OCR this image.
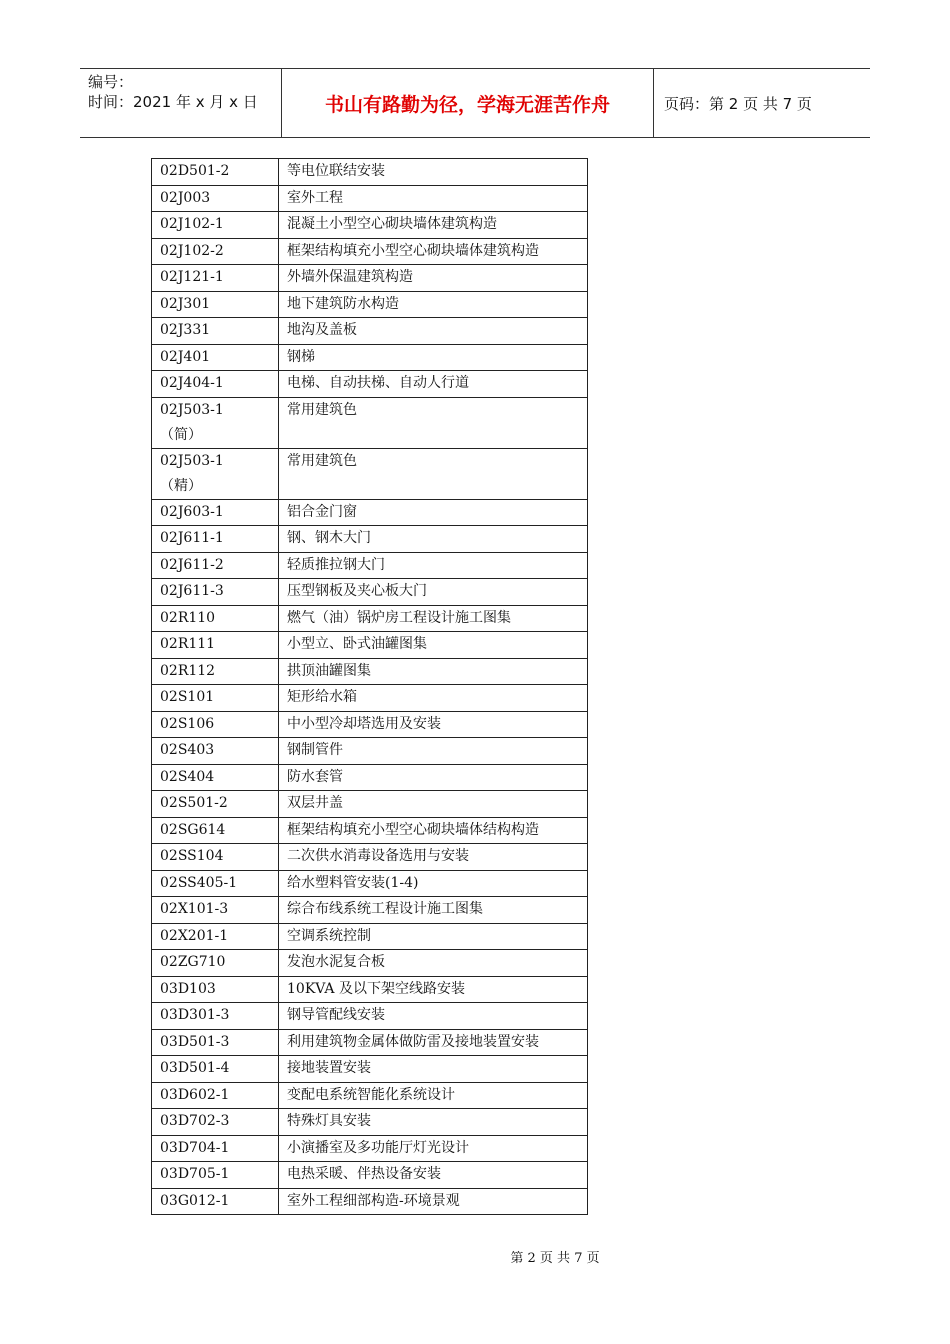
编号：
时间：2021 年 x 月 x 日	书山有路勤为径，学海无涯苦作舟	页码：第 2 页 共 7 页
02D501-2	等电位联结安装

02J003	室外工程

02J102-1	混凝土小型空心砌块墙体建筑构造

02J102-2	框架结构填充小型空心砌块墙体建筑构造

02J121-1	外墙外保温建筑构造

02J301	地下建筑防水构造

02J331	地沟及盖板

02J401	钢梯

02J404-1	电梯、自动扶梯、自动人行道

02J503-1
（简）	常用建筑色

02J503-1
（精）	常用建筑色

02J603-1	铝合金门窗

02J611-1	钢、钢木大门

02J611-2	轻质推拉钢大门

02J611-3	压型钢板及夹心板大门

02R110	燃气（油）锅炉房工程设计施工图集

02R111	小型立、卧式油罐图集

02R112	拱顶油罐图集

02S101	矩形给水箱

02S106	中小型冷却塔选用及安装

02S403	钢制管件

02S404	防水套管

02S501-2	双层井盖

02SG614	框架结构填充小型空心砌块墙体结构构造

02SS104	二次供水消毒设备选用与安装

02SS405-1	给水塑料管安装(1-4)

02X101-3	综合布线系统工程设计施工图集

02X201-1	空调系统控制

02ZG710	发泡水泥复合板

03D103	10KVA 及以下架空线路安装

03D301-3	钢导管配线安装

03D501-3	利用建筑物金属体做防雷及接地装置安装

03D501-4	接地装置安装

03D602-1	变配电系统智能化系统设计

03D702-3	特殊灯具安装

03D704-1	小演播室及多功能厅灯光设计

03D705-1	电热采暖、伴热设备安装

03G012-1	室外工程细部构造-环境景观
第 2 页 共 7 页
